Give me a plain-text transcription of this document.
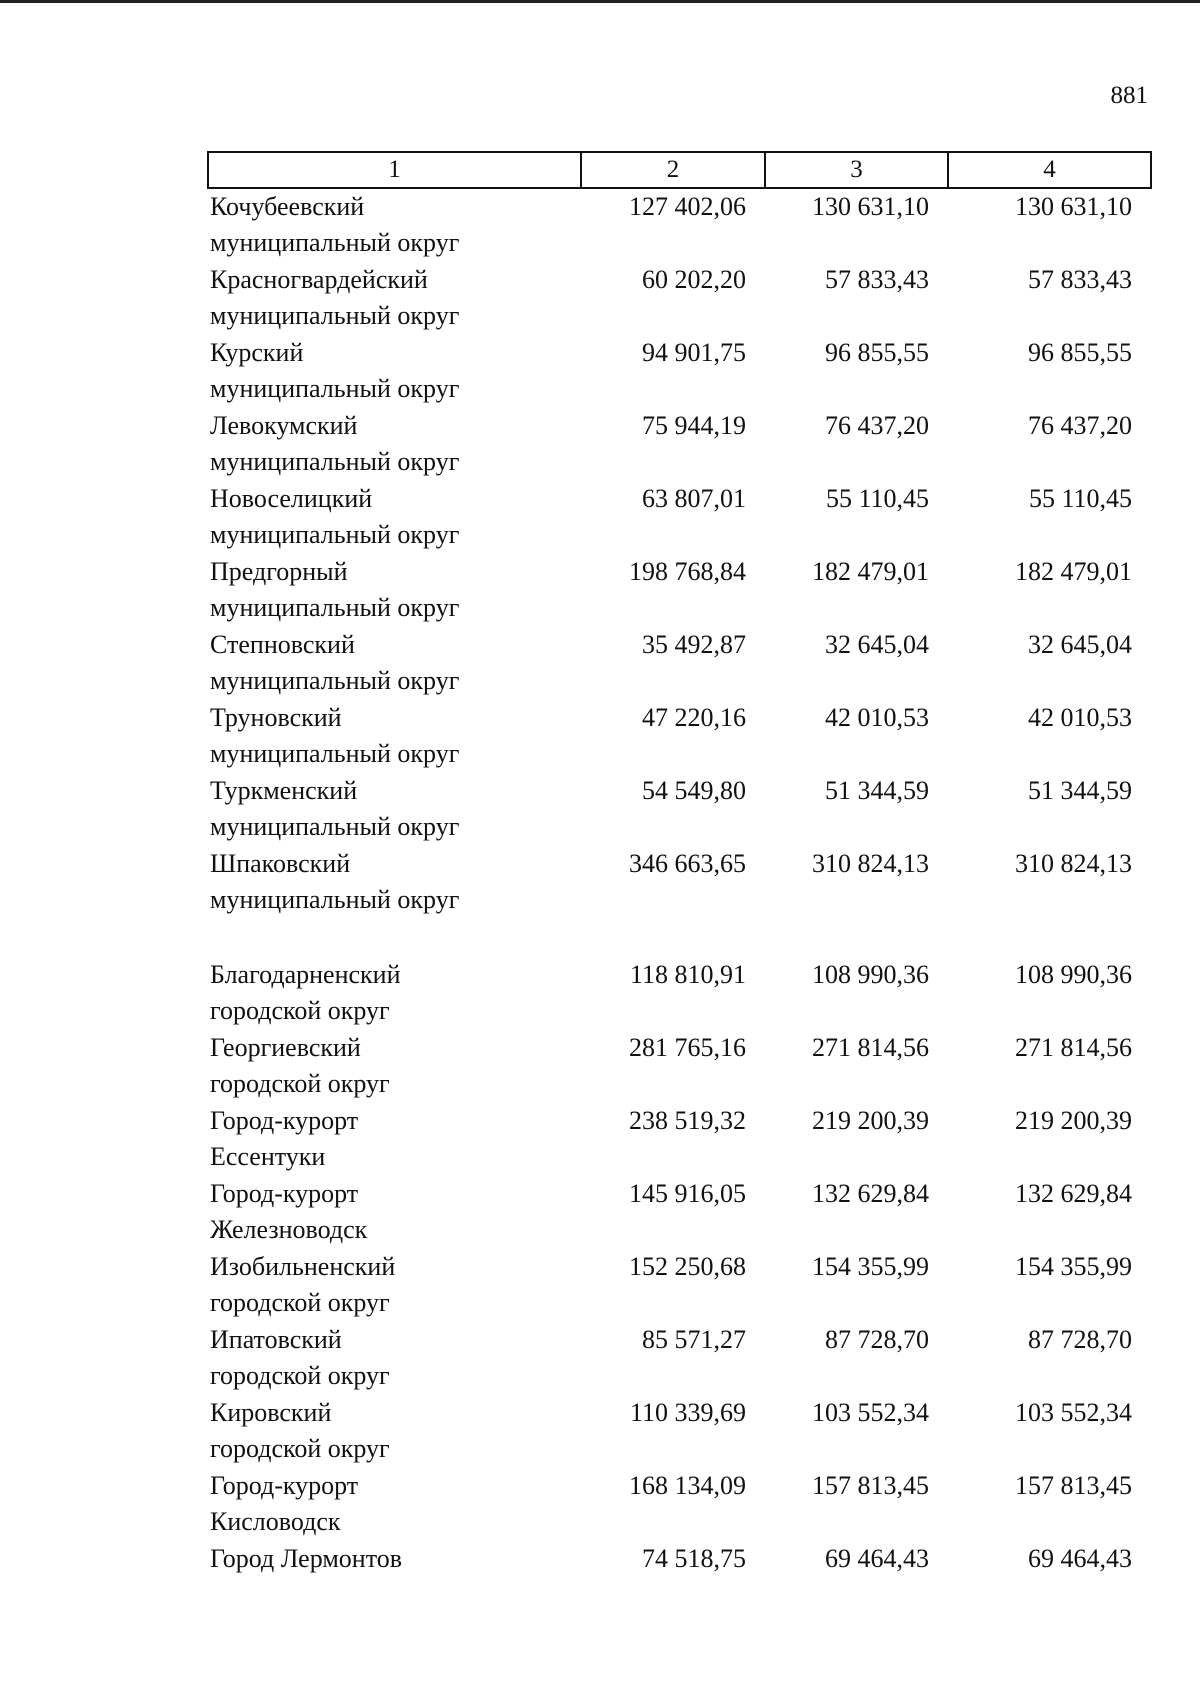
881
1	2	3	4
Кочубеевский
муниципальный округ	127 402,06	130 631,10	130 631,10
Красногвардейский
муниципальный округ	60 202,20	57 833,43	57 833,43
Курский
муниципальный округ	94 901,75	96 855,55	96 855,55
Левокумский
муниципальный округ	75 944,19	76 437,20	76 437,20
Новоселицкий
муниципальный округ	63 807,01	55 110,45	55 110,45
Предгорный
муниципальный округ	198 768,84	182 479,01	182 479,01
Степновский
муниципальный округ	35 492,87	32 645,04	32 645,04
Труновский
муниципальный округ	47 220,16	42 010,53	42 010,53
Туркменский
муниципальный округ	54 549,80	51 344,59	51 344,59
Шпаковский
муниципальный округ	346 663,65	310 824,13	310 824,13

Благодарненский
городской округ	118 810,91	108 990,36	108 990,36
Георгиевский
городской округ	281 765,16	271 814,56	271 814,56
Город-курорт
Ессентуки	238 519,32	219 200,39	219 200,39
Город-курорт
Железноводск	145 916,05	132 629,84	132 629,84
Изобильненский
городской округ	152 250,68	154 355,99	154 355,99
Ипатовский
городской округ	85 571,27	87 728,70	87 728,70
Кировский
городской округ	110 339,69	103 552,34	103 552,34
Город-курорт
Кисловодск	168 134,09	157 813,45	157 813,45
Город Лермонтов	74 518,75	69 464,43	69 464,43
